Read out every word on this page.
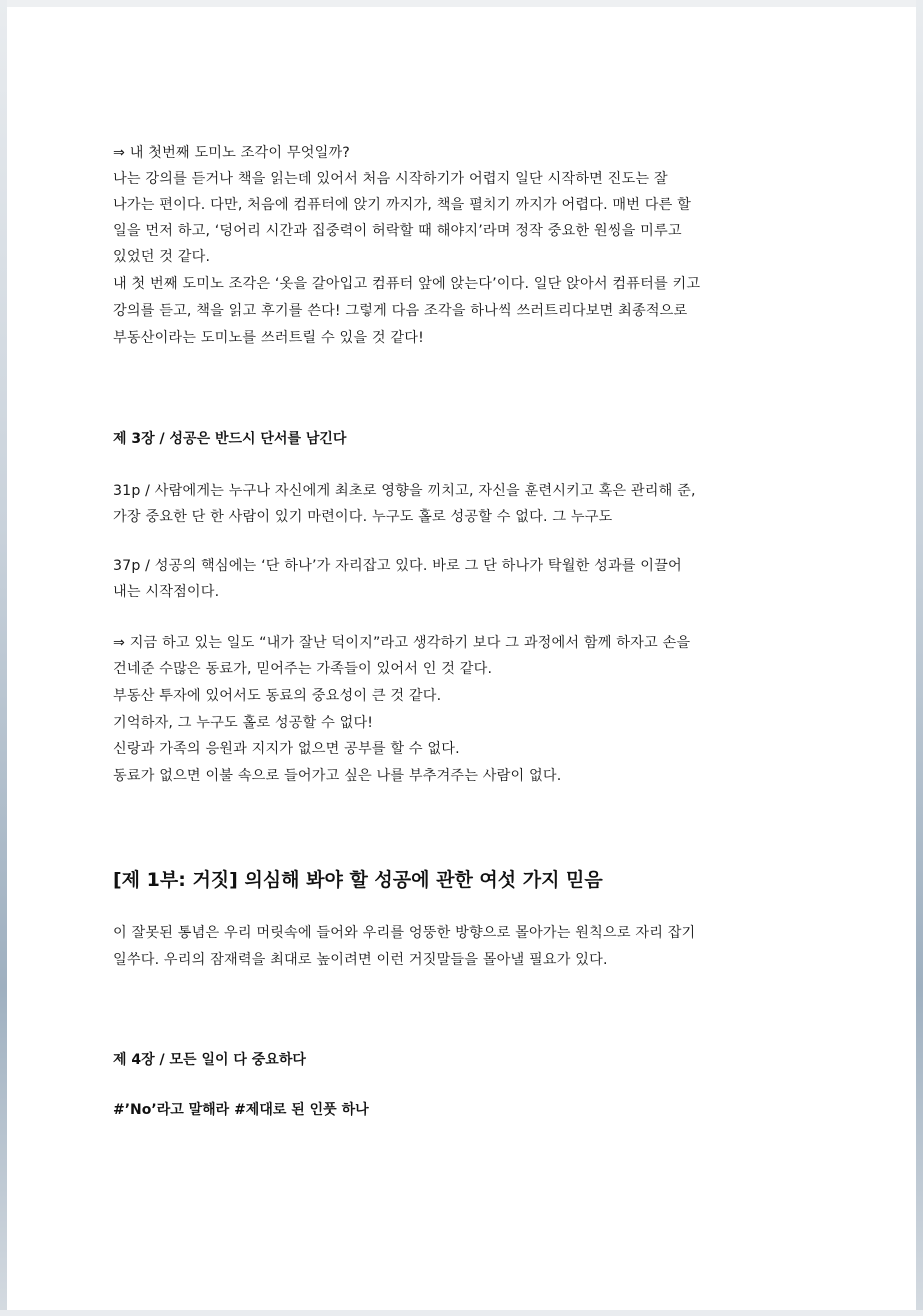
⇒ 내 첫번째 도미노 조각이 무엇일까?
나는 강의를 듣거나 책을 읽는데 있어서 처음 시작하기가 어렵지 일단 시작하면 진도는 잘
나가는 편이다. 다만, 처음에 컴퓨터에 앉기 까지가, 책을 펼치기 까지가 어렵다. 매번 다른 할
일을 먼저 하고, ‘덩어리 시간과 집중력이 허락할 때 해야지’라며 정작 중요한 원씽을 미루고
있었던 것 같다.
내 첫 번째 도미노 조각은 ‘옷을 갈아입고 컴퓨터 앞에 앉는다’이다. 일단 앉아서 컴퓨터를 키고
강의를 듣고, 책을 읽고 후기를 쓴다! 그렇게 다음 조각을 하나씩 쓰러트리다보면 최종적으로
부동산이라는 도미노를 쓰러트릴 수 있을 것 같다!
제 3장 / 성공은 반드시 단서를 남긴다
31p / 사람에게는 누구나 자신에게 최초로 영향을 끼치고, 자신을 훈련시키고 혹은 관리해 준,
가장 중요한 단 한 사람이 있기 마련이다. 누구도 홀로 성공할 수 없다. 그 누구도
37p / 성공의 핵심에는 ‘단 하나’가 자리잡고 있다. 바로 그 단 하나가 탁월한 성과를 이끌어
내는 시작점이다.
⇒ 지금 하고 있는 일도 “내가 잘난 덕이지”라고 생각하기 보다 그 과정에서 함께 하자고 손을
건네준 수많은 동료가, 믿어주는 가족들이 있어서 인 것 같다.
부동산 투자에 있어서도 동료의 중요성이 큰 것 같다.
기억하자, 그 누구도 홀로 성공할 수 없다!
신랑과 가족의 응원과 지지가 없으면 공부를 할 수 없다.
동료가 없으면 이불 속으로 들어가고 싶은 나를 부추겨주는 사람이 없다.
[제 1부: 거짓] 의심해 봐야 할 성공에 관한 여섯 가지 믿음
이 잘못된 통념은 우리 머릿속에 들어와 우리를 엉뚱한 방향으로 몰아가는 원칙으로 자리 잡기
일쑤다. 우리의 잠재력을 최대로 높이려면 이런 거짓말들을 몰아낼 필요가 있다.
제 4장 / 모든 일이 다 중요하다
#’No’라고 말해라 #제대로 된 인풋 하나
